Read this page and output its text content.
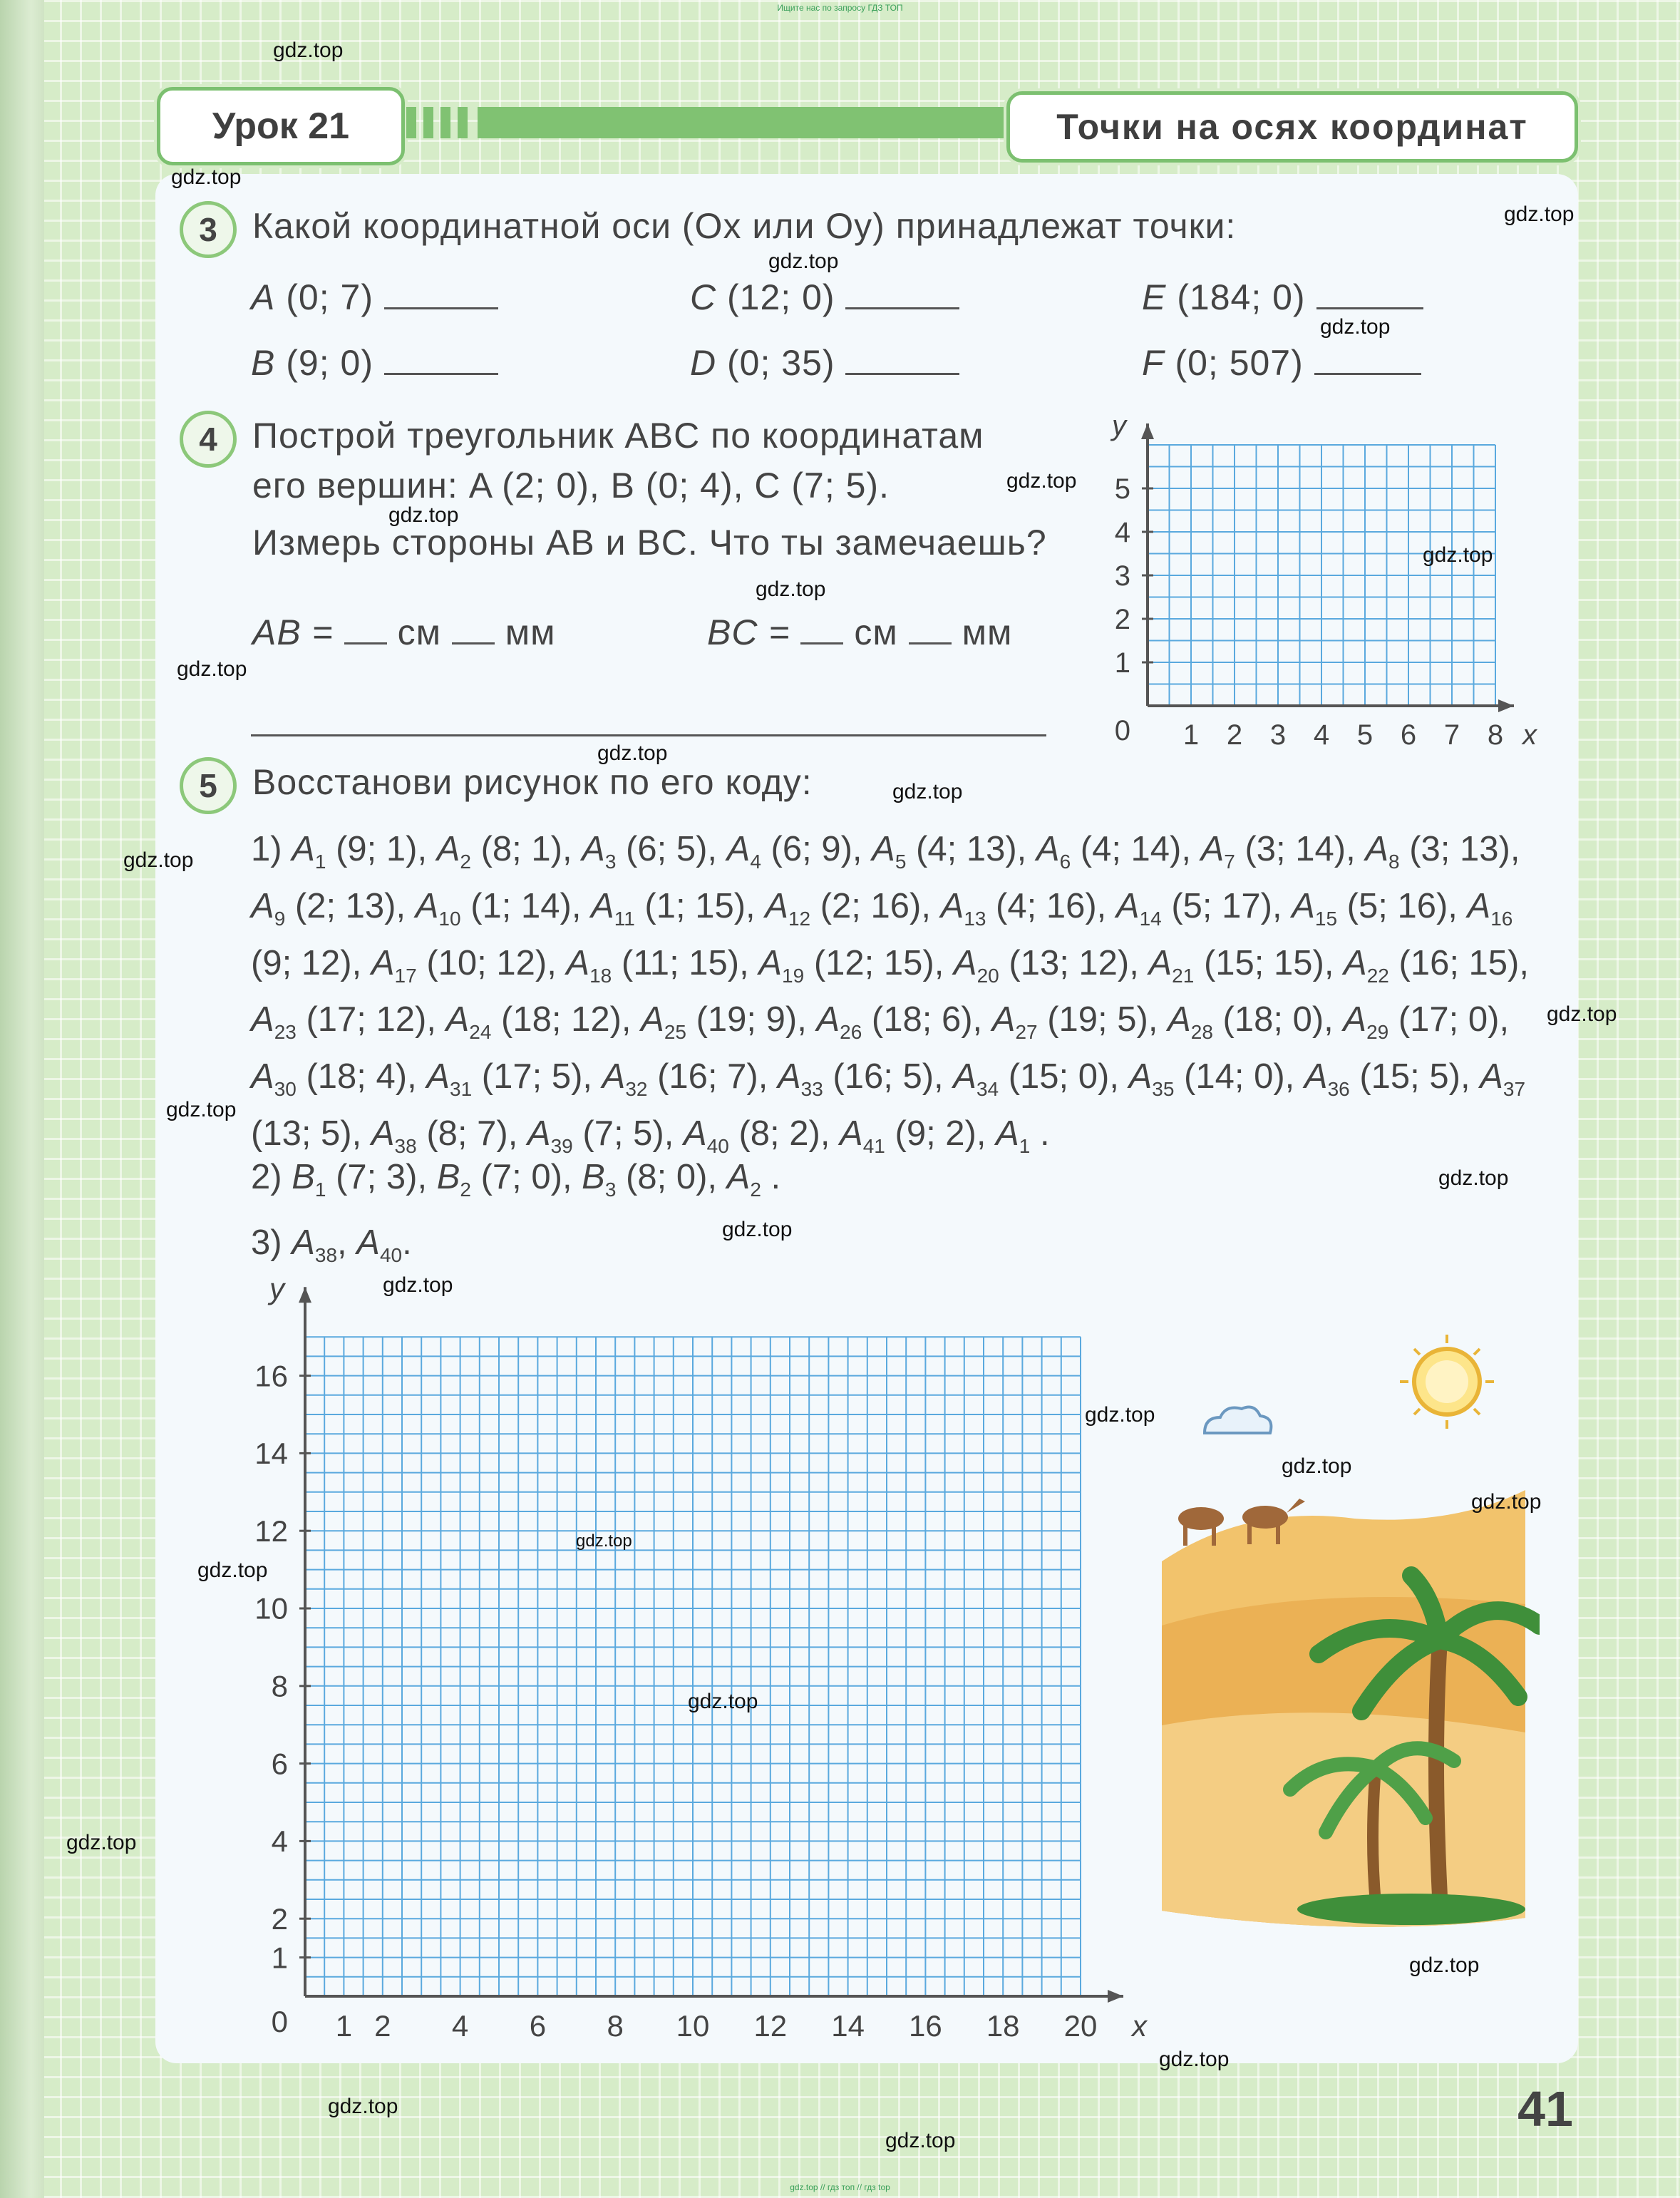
Ищите нас по запросу ГДЗ ТОП
Урок 21	Точки на осях координат
3 Какой координатной оси (Ox или Oy) принадлежат точки:
A (0; 7)	C (12; 0)	E (184; 0)
B (9; 0)	D (0; 35)	F (0; 507)
4 Построй треугольник ABC по координатам
его вершин: A (2; 0), B (0; 4), C (7; 5).
Измерь стороны AB и BC. Что ты замечаешь?
AB = см мм	BC = см мм
1 2 3 4 5 6 7 8
1
2
3
4
5
0	x
y
5 Восстанови рисунок по его коду:
1) $A_1$ (9; 1), $A_2$ (8; 1), $A_3$ (6; 5), $A_4$ (6; 9), $A_5$ (4; 13), $A_6$ (4; 14), $A_7$ (3; 14), $A_8$ (3; 13), $A_9$ (2; 13), $A_{10}$ (1; 14), $A_{11}$ (1; 15), $A_{12}$ (2; 16), $A_{13}$ (4; 16), $A_{14}$ (5; 17), $A_{15}$ (5; 16), $A_{16}$ (9; 12), $A_{17}$ (10; 12), $A_{18}$ (11; 15), $A_{19}$ (12; 15), $A_{20}$ (13; 12), $A_{21}$ (15; 15), $A_{22}$ (16; 15), $A_{23}$ (17; 12), $A_{24}$ (18; 12), $A_{25}$ (19; 9), $A_{26}$ (18; 6), $A_{27}$ (19; 5), $A_{28}$ (18; 0), $A_{29}$ (17; 0), $A_{30}$ (18; 4), $A_{31}$ (17; 5), $A_{32}$ (16; 7), $A_{33}$ (16; 5), $A_{34}$ (15; 0), $A_{35}$ (14; 0), $A_{36}$ (15; 5), $A_{37}$ (13; 5), $A_{38}$ (8; 7), $A_{39}$ (7; 5), $A_{40}$ (8; 2), $A_{41}$ (9; 2), $A_1$ .
2) $B_1$ (7; 3), $B_2$ (7; 0), $B_3$ (8; 0), $A_2$ .
3) $A_{38}$, $A_{40}$.
1 2 4 6 8 10 12 14 16 18 20
1
2
4
6
8
10
12
14
16
0	x
y
41
gdz.top // гдз топ // гдз top
gdz.top
gdz.top
gdz.top
gdz.top
gdz.top
gdz.top
gdz.top
gdz.top
gdz.top
gdz.top
gdz.top
gdz.top
gdz.top
gdz.top
gdz.top
gdz.top
gdz.top
gdz.top
gdz.top
gdz.top
gdz.top
gdz.top
gdz.top
gdz.top
gdz.top
gdz.top
gdz.top
gdz.top
gdz.top
